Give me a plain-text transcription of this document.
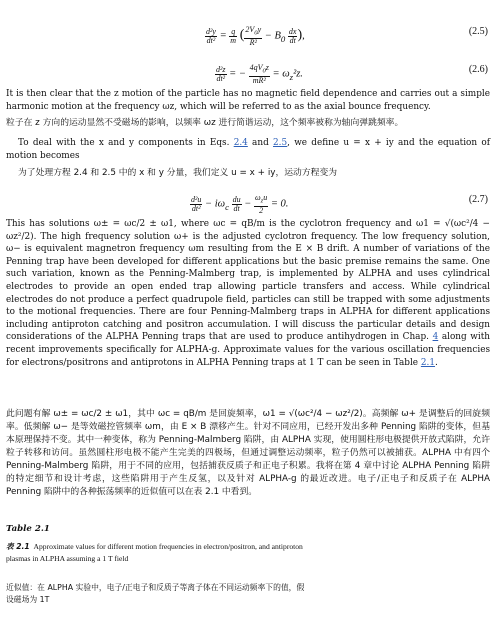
$\frac{\text{d²y}}{\text{dt²}} = \frac{q}{m}$ ( $\frac{2V_0y}{\text{R²}} - B_0 \frac{dx}{dt}$ ),	(2.5)
$\frac{\text{d²z}}{\text{dt²}}$ = − $\frac{4qV_0z}{\text{mR²}} = \omega_z^2z$.	(2.6)

It is then clear that the z motion of the particle has no magnetic field dependence and carries out a simple harmonic motion at the frequency ωz, which will be referred to as the axial bounce frequency.

粒子在 z 方向的运动显然不受磁场的影响，以频率 ωz 进行简谐运动，这个频率被称为轴向弹跳频率。

To deal with the x and y components in Eqs. 2.4 and 2.5, we define u = x + iy and the equation of motion becomes

为了处理方程 2.4 和 2.5 中的 x 和 y 分量，我们定义 u = x + iy，运动方程变为

$\frac{\text{d²u}}{\text{dt²}} - i\omega_c \frac{du}{dt} - \frac{\omega_zu}{2} = 0$.	(2.7)

This has solutions ω± = ωc/2 ± ω1, where ωc = qB/m is the cyclotron frequency and ω1 = √(ωc²/4 − ωz²/2). The high frequency solution ω+ is the adjusted cyclotron frequency. The low frequency solution, ω− is equivalent magnetron frequency ωm resulting from the E × B drift. A number of variations of the Penning trap have been developed for different applications but the basic premise remains the same. One such variation, known as the Penning-Malmberg trap, is implemented by ALPHA and uses cylindrical electrodes to provide an open ended trap allowing particle transfers and access. While cylindrical electrodes do not produce a perfect quadrupole field, particles can still be trapped with some adjustments to the motional frequencies. There are four Penning-Malmberg traps in ALPHA for different applications including antiproton catching and positron accumulation. I will discuss the particular details and design considerations of the ALPHA Penning traps that are used to produce antihydrogen in Chap. 4 along with recent improvements specifically for ALPHA-g. Approximate values for the various oscillation frequencies for electrons/positrons and antiprotons in ALPHA Penning traps at 1 T can be seen in Table 2.1.

此问题有解 ω± = ωc/2 ± ω1，其中 ωc = qB/m 是回旋频率，ω1 = √(ωc²/4 − ωz²/2)。高频解 ω+ 是调整后的回旋频率。低频解 ω− 是等效磁控管频率 ωm，由 E × B 漂移产生。针对不同应用，已经开发出多种 Penning 陷阱的变体，但基本原理保持不变。其中一种变体，称为 Penning-Malmberg 陷阱，由 ALPHA 实现，使用圆柱形电极提供开放式陷阱，允许粒子转移和访问。虽然圆柱形电极不能产生完美的四极场，但通过调整运动频率，粒子仍然可以被捕获。ALPHA 中有四个 Penning-Malmberg 陷阱，用于不同的应用，包括捕获反质子和正电子积累。我将在第 4 章中讨论 ALPHA Penning 陷阱的特定细节和设计考虑，这些陷阱用于产生反氢，以及针对 ALPHA-g 的最近改进。电子/正电子和反质子在 ALPHA Penning 陷阱中的各种振荡频率的近似值可以在表 2.1 中看到。

Table 2.1
表 2.1 Approximate values for different motion frequencies in electron/positron, and antiproton plasmas in ALPHA assuming a 1 T field
近似值：在 ALPHA 实验中，电子/正电子和反质子等离子体在不同运动频率下的值，假设磁场为 1T
